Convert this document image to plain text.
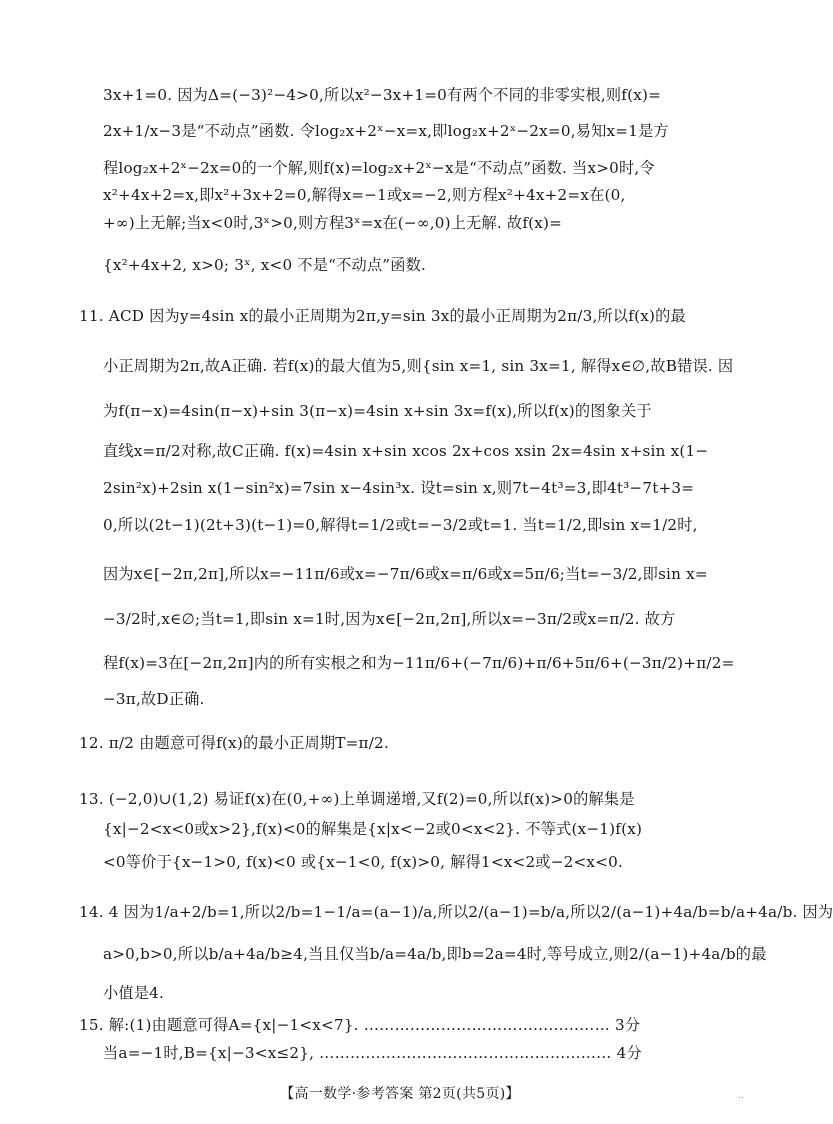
3x+1=0. 因为Δ=(−3)²−4>0,所以x²−3x+1=0有两个不同的非零实根,则f(x)=
2x+1/x−3是“不动点”函数. 令log₂x+2ˣ−x=x,即log₂x+2ˣ−2x=0,易知x=1是方
程log₂x+2ˣ−2x=0的一个解,则f(x)=log₂x+2ˣ−x是“不动点”函数. 当x>0时,令
x²+4x+2=x,即x²+3x+2=0,解得x=−1或x=−2,则方程x²+4x+2=x在(0,
+∞)上无解;当x<0时,3ˣ>0,则方程3ˣ=x在(−∞,0)上无解. 故f(x)=
{x²+4x+2, x>0; 3ˣ, x<0 不是“不动点”函数.
11. ACD 因为y=4sin x的最小正周期为2π,y=sin 3x的最小正周期为2π/3,所以f(x)的最
小正周期为2π,故A正确. 若f(x)的最大值为5,则{sin x=1, sin 3x=1, 解得x∈∅,故B错误. 因
为f(π−x)=4sin(π−x)+sin 3(π−x)=4sin x+sin 3x=f(x),所以f(x)的图象关于
直线x=π/2对称,故C正确. f(x)=4sin x+sin xcos 2x+cos xsin 2x=4sin x+sin x(1−
2sin²x)+2sin x(1−sin²x)=7sin x−4sin³x. 设t=sin x,则7t−4t³=3,即4t³−7t+3=
0,所以(2t−1)(2t+3)(t−1)=0,解得t=1/2或t=−3/2或t=1. 当t=1/2,即sin x=1/2时,
因为x∈[−2π,2π],所以x=−11π/6或x=−7π/6或x=π/6或x=5π/6;当t=−3/2,即sin x=
−3/2时,x∈∅;当t=1,即sin x=1时,因为x∈[−2π,2π],所以x=−3π/2或x=π/2. 故方
程f(x)=3在[−2π,2π]内的所有实根之和为−11π/6+(−7π/6)+π/6+5π/6+(−3π/2)+π/2=
−3π,故D正确.
12. π/2 由题意可得f(x)的最小正周期T=π/2.
13. (−2,0)∪(1,2) 易证f(x)在(0,+∞)上单调递增,又f(2)=0,所以f(x)>0的解集是
{x|−2<x<0或x>2},f(x)<0的解集是{x|x<−2或0<x<2}. 不等式(x−1)f(x)
<0等价于{x−1>0, f(x)<0 或{x−1<0, f(x)>0, 解得1<x<2或−2<x<0.
14. 4 因为1/a+2/b=1,所以2/b=1−1/a=(a−1)/a,所以2/(a−1)=b/a,所以2/(a−1)+4a/b=b/a+4a/b. 因为
a>0,b>0,所以b/a+4a/b≥4,当且仅当b/a=4a/b,即b=2a=4时,等号成立,则2/(a−1)+4a/b的最
小值是4.
15. 解:(1)由题意可得A={x|−1<x<7}. ………………………………………… 3分
当a=−1时,B={x|−3<x≤2}, ………………………………………………… 4分
【高一数学·参考答案 第2页(共5页)】	..
